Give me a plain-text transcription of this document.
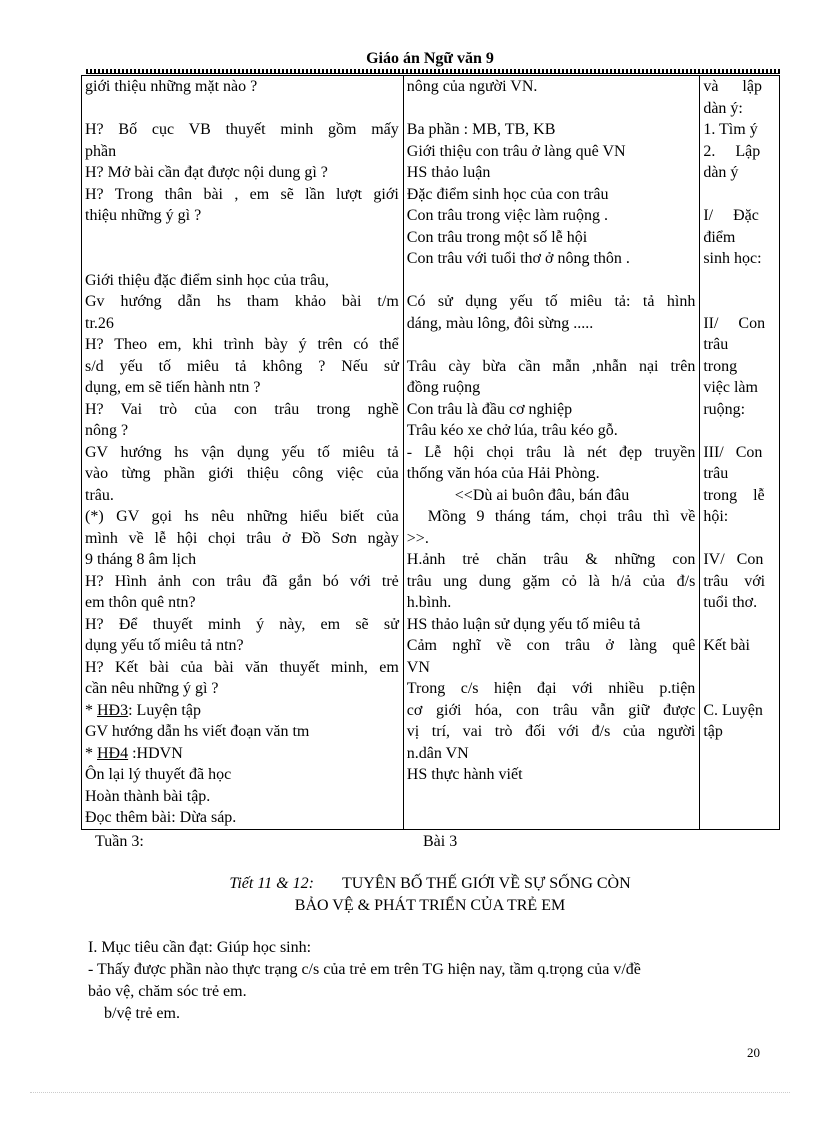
Giáo án Ngữ văn 9
giới thiệu những mặt nào ?
H? Bố cục VB thuyết minh gồm mấy
phần
H? Mở bài cần đạt được nội dung gì ?
H? Trong thân bài , em sẽ lần lượt giới
thiệu những ý gì ?
Giới thiệu đặc điểm sinh học của trâu,
Gv hướng dẫn hs tham khảo bài t/m
tr.26
H? Theo em, khi trình bày ý trên có thể
s/d yếu tố miêu tả không ? Nếu sử
dụng, em sẽ tiến hành ntn ?
H? Vai trò của con trâu trong nghề
nông ?
GV hướng hs vận dụng yếu tố miêu tả
vào từng phần giới thiệu công việc của
trâu.
(*) GV gọi hs nêu những hiểu biết của
mình về lễ hội chọi trâu ở Đồ Sơn ngày
9 tháng 8 âm lịch
H? Hình ảnh con trâu đã gắn bó với trẻ
em thôn quê ntn?
H? Để thuyết minh ý này, em sẽ sử
dụng yếu tố miêu tả ntn?
H? Kết bài của bài văn thuyết minh, em
cần nêu những ý gì ?
* HĐ3: Luyện tập
GV hướng dẫn hs viết đoạn văn tm
* HĐ4 :HDVN
Ôn lại lý thuyết đã học
Hoàn thành bài tập.
Đọc thêm bài: Dừa sáp.

nông của người VN.
Ba phần : MB, TB, KB
Giới thiệu con trâu ở làng quê VN
HS thảo luận
Đặc điểm sinh học của con trâu
Con trâu trong việc làm ruộng .
Con trâu trong một số lễ hội
Con trâu với tuổi thơ ở nông thôn .
Có sử dụng yếu tố miêu tả: tả hình
dáng, màu lông, đôi sừng .....
Trâu cày bừa cần mẫn ,nhẫn nại trên
đồng ruộng
Con trâu là đầu cơ nghiệp
Trâu kéo xe chở lúa, trâu kéo gỗ.
- Lễ hội chọi trâu là nét đẹp truyền
thống văn hóa của Hải Phòng.
<<Dù ai buôn đâu, bán đâu
Mồng 9 tháng tám, chọi trâu thì về
>>.
H.ảnh trẻ chăn trâu & những con
trâu ung dung gặm cỏ là h/ả của đ/s
h.bình.
HS thảo luận sử dụng yếu tố miêu tả
Cảm nghĩ về con trâu ở làng quê
VN
Trong c/s hiện đại với nhiều p.tiện
cơ giới hóa, con trâu vẫn giữ được
vị trí, vai trò đối với đ/s của người
n.dân VN
HS thực hành viết

và      lập
dàn ý:
1. Tìm ý
2.     Lập
dàn ý
I/     Đặc
điểm
sinh học:
II/     Con
trâu
trong
việc làm
ruộng:
III/   Con
trâu
trong    lễ
hội:
IV/   Con
trâu    với
tuổi thơ.
Kết bài
C. Luyện
tập
Tuần 3:	Bài 3
Tiết 11 & 12: TUYÊN BỐ THẾ GIỚI VỀ SỰ SỐNG CÒN
BẢO VỆ & PHÁT TRIỂN CỦA TRẺ EM
I. Mục tiêu cần đạt: Giúp học sinh:
- Thấy được phần nào thực trạng c/s của trẻ em trên TG hiện nay, tầm q.trọng của v/đề
bảo vệ, chăm sóc trẻ em.
b/vệ trẻ em.
20
